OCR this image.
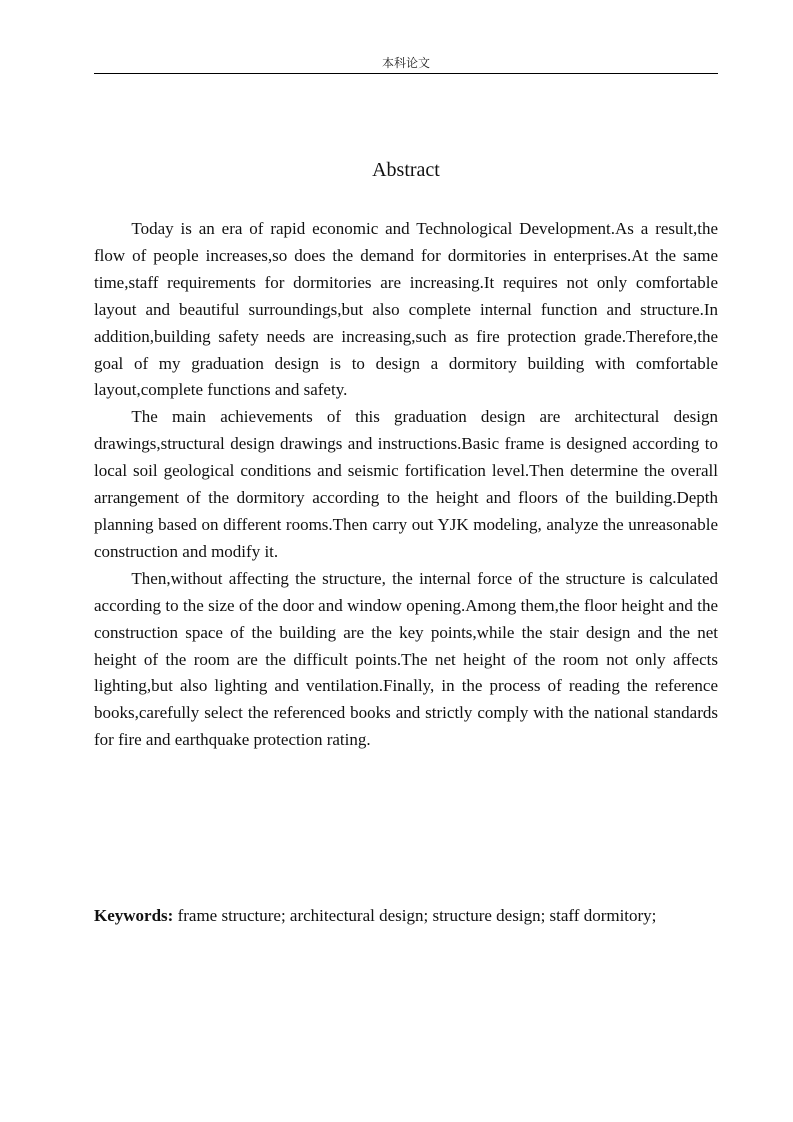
本科论文
Abstract

Today is an era of rapid economic and Technological Development.As a result,the flow of people increases,so does the demand for dormitories in enterprises.At the same time,staff requirements for dormitories are increasing.It requires not only comfortable layout and beautiful surroundings,but also complete internal function and structure.In addition,building safety needs are increasing,such as fire protection grade.Therefore,the goal of my graduation design is to design a dormitory building with comfortable layout,complete functions and safety.

The main achievements of this graduation design are architectural design drawings,structural design drawings and instructions.Basic frame is designed according to local soil geological conditions and seismic fortification level.Then determine the overall arrangement of the dormitory according to the height and floors of the building.Depth planning based on different rooms.Then carry out YJK modeling, analyze the unreasonable construction and modify it.

Then,without affecting the structure, the internal force of the structure is calculated according to the size of the door and window opening.Among them,the floor height and the construction space of the building are the key points,while the stair design and the net height of the room are the difficult points.The net height of the room not only affects lighting,but also lighting and ventilation.Finally, in the process of reading the reference books,carefully select the referenced books and strictly comply with the national standards for fire and earthquake protection rating.

Keywords: frame structure; architectural design; structure design; staff dormitory;
